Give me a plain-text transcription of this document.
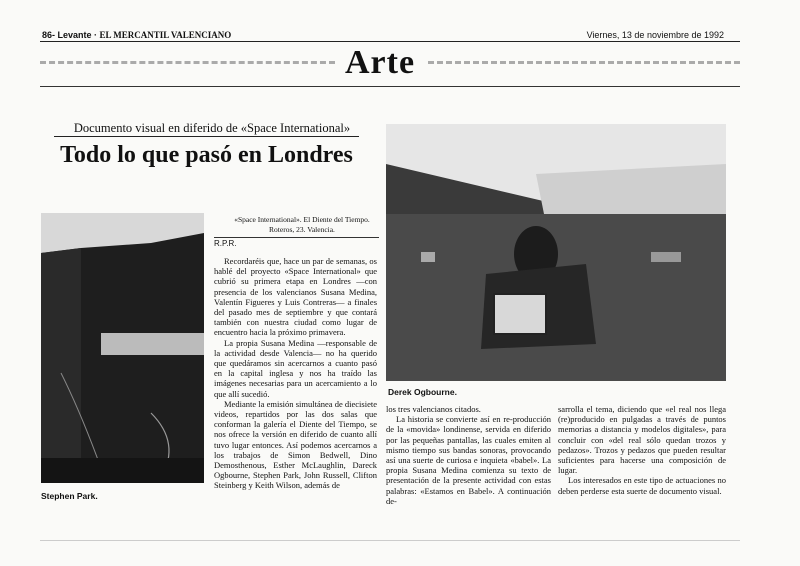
86- Levante · EL MERCANTIL VALENCIANO	Viernes, 13 de noviembre de 1992
Arte
Documento visual en diferido de «Space International»
Todo lo que pasó en Londres
Stephen Park.
Derek Ogbourne.
«Space International». El Diente del Tiempo. Roteros, 23. Valencia.
R.P.R.

Recordaréis que, hace un par de semanas, os hablé del proyecto «Space International» que cubrió su primera etapa en Londres —con presencia de los valencianos Susana Medina, Valentín Figueres y Luis Contreras— a finales del pasado mes de septiembre y que contará también con nuestra ciudad como lugar de encuentro hacia la próximo primavera.

La propia Susana Medina —responsable de la actividad desde Valencia— no ha querido que quedáramos sin acercarnos a cuanto pasó en la capital inglesa y nos ha traído las imágenes necesarias para un acercamiento a lo que allí sucedió.

Mediante la emisión simultánea de diecisiete videos, repartidos por las dos salas que conforman la galería el Diente del Tiempo, se nos ofrece la versión en diferido de cuanto allí tuvo lugar entonces. Así podemos acercarnos a los trabajos de Simon Bedwell, Dino Demosthenous, Esther McLaughlin, Dareck Ogbourne, Stephen Park, John Russell, Clifton Steinberg y Keith Wilson, además de

los tres valencianos citados.

La historia se convierte así en re-producción de la «movida» londinense, servida en diferido por las pequeñas pantallas, las cuales emiten al mismo tiempo sus bandas sonoras, provocando así una suerte de curiosa e inquieta «babel». La propia Susana Medina comienza su texto de presentación de la presente actividad con estas palabras: «Estamos en Babel». A continuación de-

sarrolla el tema, diciendo que «el real nos llega (re)producido en pulgadas a través de puntos memorias a distancia y modelos digitales», para concluir con «del real sólo quedan trozos y pedazos». Trozos y pedazos que pueden resultar suficientes para hacerse una composición de lugar.

Los interesados en este tipo de actuaciones no deben perderse esta suerte de documento visual.
